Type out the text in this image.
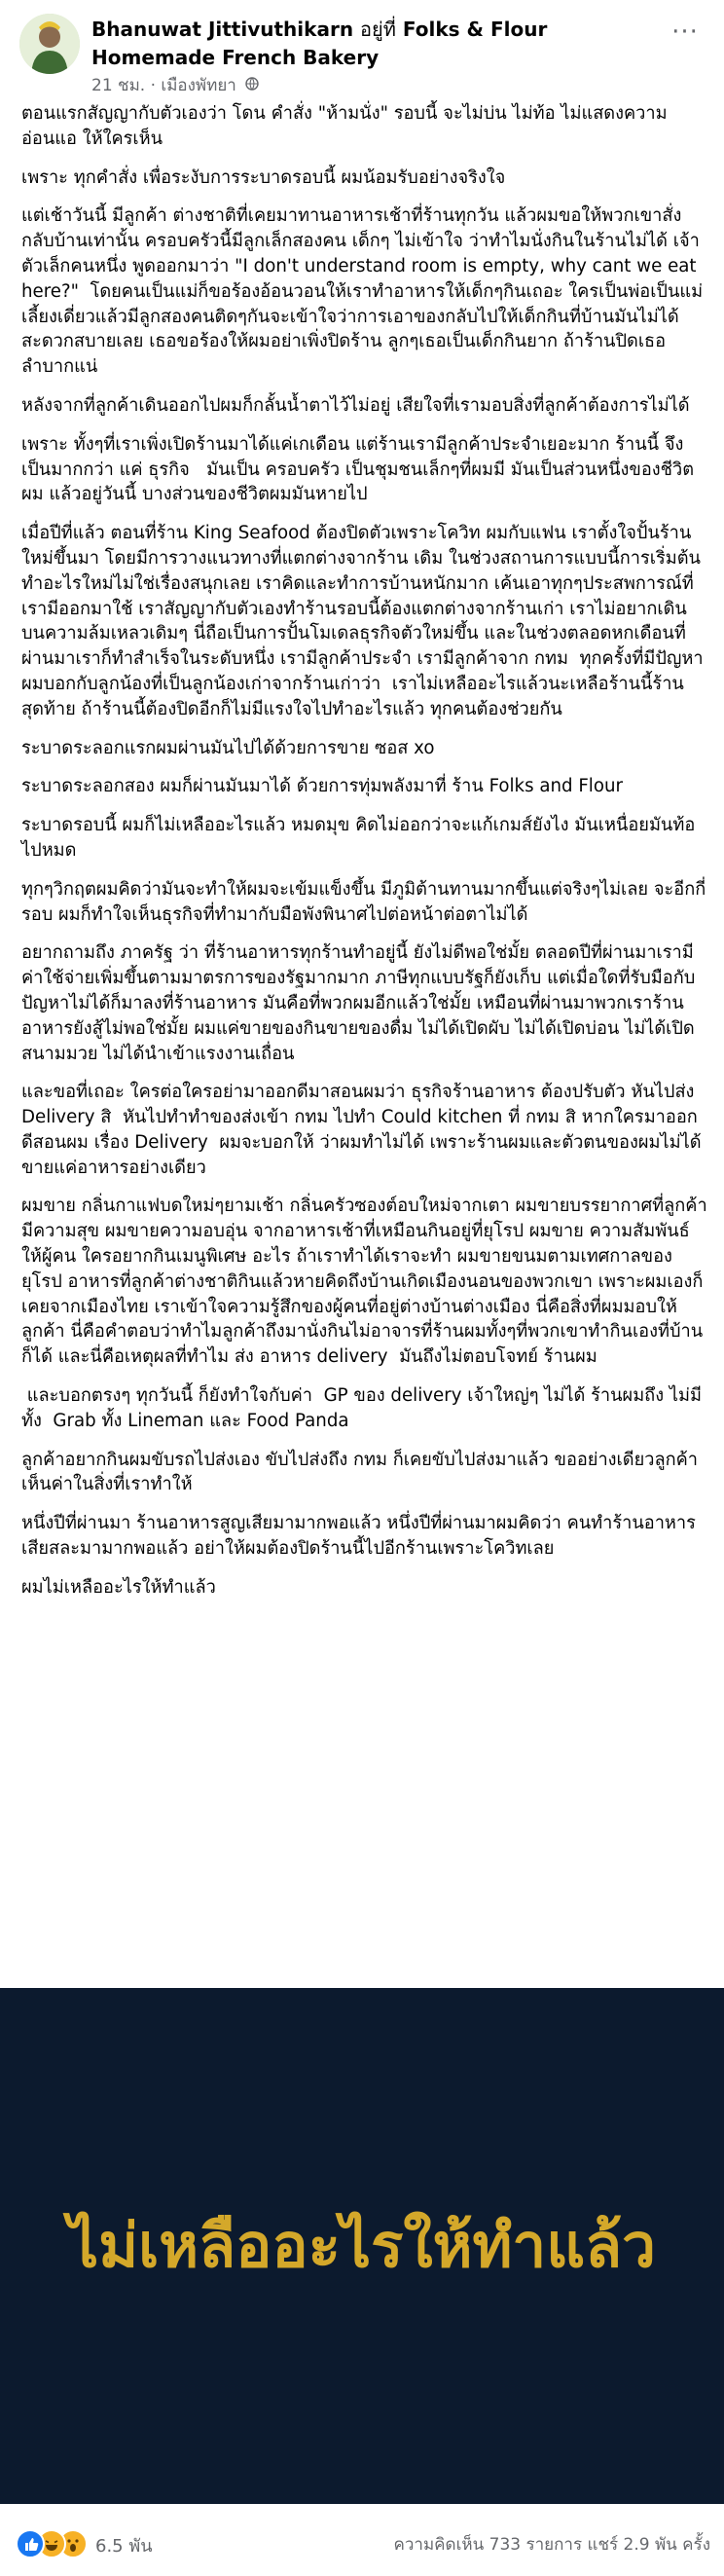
Bhanuwat Jittivuthikarn อยู่ที่ Folks & Flour Homemade French Bakery
21 ชม. · เมืองพัทยา
···

ตอนแรกสัญญากับตัวเองว่า โดน คำสั่ง "ห้ามนั่ง" รอบนี้ จะไม่บ่น ไม่ท้อ ไม่แสดงความอ่อนแอ ให้ใครเห็น

เพราะ ทุกคำสั่ง เพื่อระงับการระบาดรอบนี้ ผมน้อมรับอย่างจริงใจ

แต่เช้าวันนี้ มีลูกค้า ต่างชาติที่เคยมาทานอาหารเช้าที่ร้านทุกวัน แล้วผมขอให้พวกเขาสั่งกลับบ้านเท่านั้น ครอบครัวนี้มีลูกเล็กสองคน เด็กๆ ไม่เข้าใจ ว่าทำไมนั่งกินในร้านไม่ได้ เจ้าตัวเล็กคนหนึ่ง พูดออกมาว่า "I don't understand room is empty, why cant we eat here?"  โดยคนเป็นแม่ก็ขอร้องอ้อนวอนให้เราทำอาหารให้เด็กๆกินเถอะ ใครเป็นพ่อเป็นแม่เลี้ยงเดี่ยวแล้วมีลูกสองคนติดๆกันจะเข้าใจว่าการเอาของกลับไปให้เด็กกินที่บ้านมันไม่ได้สะดวกสบายเลย เธอขอร้องให้ผมอย่าเพิ่งปิดร้าน ลูกๆเธอเป็นเด็กกินยาก ถ้าร้านปิดเธอลำบากแน่

หลังจากที่ลูกค้าเดินออกไปผมก็กลั้นน้ำตาไว้ไม่อยู่ เสียใจที่เรามอบสิ่งที่ลูกค้าต้องการไม่ได้

เพราะ ทั้งๆที่เราเพิ่งเปิดร้านมาได้แค่เกเดือน แต่ร้านเรามีลูกค้าประจำเยอะมาก ร้านนี้ จึงเป็นมากกว่า แค่ ธุรกิจ   มันเป็น ครอบครัว เป็นชุมชนเล็กๆที่ผมมี มันเป็นส่วนหนึ่งของชีวิตผม แล้วอยู่วันนี้ บางส่วนของชีวิตผมมันหายไป

เมื่อปีที่แล้ว ตอนที่ร้าน King Seafood ต้องปิดตัวเพราะโควิท ผมกับแฟน เราตั้งใจปั้นร้านใหม่ขึ้นมา โดยมีการวางแนวทางที่แตกต่างจากร้าน เดิม ในช่วงสถานการแบบนี้การเริ่มต้นทำอะไรใหม่ไม่ใช่เรื่องสนุกเลย เราคิดและทำการบ้านหนักมาก เค้นเอาทุกๆประสพการณ์ที่เรามีออกมาใช้ เราสัญญากับตัวเองทำร้านรอบนี้ต้องแตกต่างจากร้านเก่า เราไม่อยากเดินบนความล้มเหลวเดิมๆ นี่ถือเป็นการปั้นโมเดลธุรกิจตัวใหม่ขึ้น และในช่วงตลอดหกเดือนที่ผ่านมาเราก็ทำสำเร็จในระดับหนึ่ง เรามีลูกค้าประจำ เรามีลูกค้าจาก กทม  ทุกครั้งที่มีปัญหา ผมบอกกับลูกน้องที่เป็นลูกน้องเก่าจากร้านเก่าว่า  เราไม่เหลืออะไรแล้วนะเหลือร้านนี้ร้านสุดท้าย ถ้าร้านนี้ต้องปิดอีกก็ไม่มีแรงใจไปทำอะไรแล้ว ทุกคนต้องช่วยกัน

ระบาดระลอกแรกผมผ่านมันไปได้ด้วยการขาย ซอส xo

ระบาดระลอกสอง ผมก็ผ่านมันมาได้ ด้วยการทุ่มพลังมาที่ ร้าน Folks and Flour

ระบาดรอบนี้ ผมก็ไม่เหลืออะไรแล้ว หมดมุข คิดไม่ออกว่าจะแก้เกมส์ยังไง มันเหนื่อยมันท้อไปหมด

ทุกๆวิกฤตผมคิดว่ามันจะทำให้ผมจะเข้มแข็งขึ้น มีภูมิต้านทานมากขึ้นแต่จริงๆไม่เลย จะอีกกี่รอบ ผมก็ทำใจเห็นธุรกิจที่ทำมากับมือพังพินาศไปต่อหน้าต่อตาไม่ได้

อยากถามถึง ภาครัฐ ว่า ที่ร้านอาหารทุกร้านทำอยู่นี้ ยังไม่ดีพอใช่มั้ย ตลอดปีที่ผ่านมาเรามีค่าใช้จ่ายเพิ่มขึ้นตามมาตรการของรัฐมากมาก ภาษีทุกแบบรัฐก็ยังเก็บ แต่เมื่อใดที่รับมือกับปัญหาไม่ได้ก็มาลงที่ร้านอาหาร มันคือที่พวกผมอีกแล้วใช่มั้ย เหมือนที่ผ่านมาพวกเราร้านอาหารยังสู้ไม่พอใช่มั้ย ผมแค่ขายของกินขายของดื่ม ไม่ได้เปิดผับ ไม่ได้เปิดบ่อน ไม่ได้เปิดสนามมวย ไม่ได้นำเข้าแรงงานเถื่อน

และขอที่เถอะ ใครต่อใครอย่ามาออกดีมาสอนผมว่า ธุรกิจร้านอาหาร ต้องปรับตัว หันไปส่ง Delivery สิ  หันไปทำทำของส่งเข้า กทม ไปทำ Could kitchen ที่ กทม สิ หากใครมาออกดีสอนผม เรื่อง Delivery  ผมจะบอกให้ ว่าผมทำไม่ได้ เพราะร้านผมและตัวตนของผมไม่ได้ขายแค่อาหารอย่างเดียว

ผมขาย กลิ่นกาแฟบดใหม่ๆยามเช้า กลิ่นครัวซองต์อบใหม่จากเตา ผมขายบรรยากาศที่ลูกค้ามีความสุข ผมขายความอบอุ่น จากอาหารเช้าที่เหมือนกินอยู่ที่ยุโรป ผมขาย ความสัมพันธ์ ให้ผู้คน ใครอยากกินเมนูพิเศษ อะไร ถ้าเราทำได้เราจะทำ ผมขายขนมตามเทศกาลของยุโรป อาหารที่ลูกค้าต่างชาติกินแล้วหายคิดถึงบ้านเกิดเมืองนอนของพวกเขา เพราะผมเองก็เคยจากเมืองไทย เราเข้าใจความรู้สึกของผู้คนที่อยู่ต่างบ้านต่างเมือง นี่คือสิ่งที่ผมมอบให้ลูกค้า นี่คือคำตอบว่าทำไมลูกค้าถึงมานั่งกินไม่อาจารที่ร้านผมทั้งๆที่พวกเขาทำกินเองที่บ้านก็ได้ และนี่คือเหตุผลที่ทำไม ส่ง อาหาร delivery  มันถึงไม่ตอบโจทย์ ร้านผม

และบอกตรงๆ ทุกวันนี้ ก็ยังทำใจกับค่า  GP ของ delivery เจ้าใหญ่ๆ ไม่ได้ ร้านผมถึง ไม่มี ทั้ง  Grab ทั้ง Lineman และ Food Panda

ลูกค้าอยากกินผมขับรถไปส่งเอง ขับไปส่งถึง กทม ก็เคยขับไปส่งมาแล้ว ขออย่างเดียวลูกค้าเห็นค่าในสิ่งที่เราทำให้

หนึ่งปีที่ผ่านมา ร้านอาหารสูญเสียมามากพอแล้ว หนึ่งปีที่ผ่านมาผมคิดว่า คนทำร้านอาหารเสียสละมามากพอแล้ว อย่าให้ผมต้องปิดร้านนี้ไปอีกร้านเพราะโควิทเลย

ผมไม่เหลืออะไรให้ทำแล้ว

ไม่เหลืออะไรให้ทำแล้ว
6.5 พัน	ความคิดเห็น 733 รายการ แชร์ 2.9 พัน ครั้ง
